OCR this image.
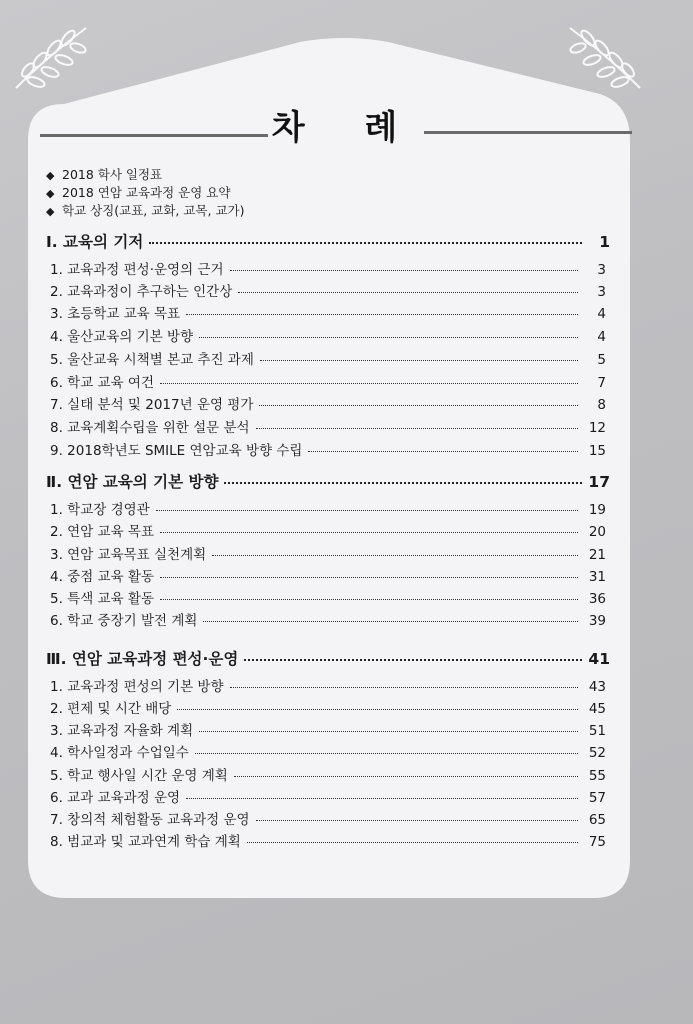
차 례
◆ 2018 학사 일정표
◆ 2018 연암 교육과정 운영 요약
◆ 학교 상징(교표, 교화, 교목, 교가)
Ⅰ. 교육의 기저	1
1. 교육과정 편성·운영의 근거	3
2. 교육과정이 추구하는 인간상	3
3. 초등학교 교육 목표	4
4. 울산교육의 기본 방향	4
5. 울산교육 시책별 본교 추진 과제	5
6. 학교 교육 여건	7
7. 실태 분석 및 2017년 운영 평가	8
8. 교육계획수립을 위한 설문 분석	12
9. 2018학년도 SMILE 연암교육 방향 수립	15
Ⅱ. 연암 교육의 기본 방향	17
1. 학교장 경영관	19
2. 연암 교육 목표	20
3. 연암 교육목표 실천계획	21
4. 중점 교육 활동	31
5. 특색 교육 활동	36
6. 학교 중장기 발전 계획	39
Ⅲ. 연암 교육과정 편성·운영	41
1. 교육과정 편성의 기본 방향	43
2. 편제 및 시간 배당	45
3. 교육과정 자율화 계획	51
4. 학사일정과 수업일수	52
5. 학교 행사일 시간 운영 계획	55
6. 교과 교육과정 운영	57
7. 창의적 체험활동 교육과정 운영	65
8. 범교과 및 교과연계 학습 계획	75
